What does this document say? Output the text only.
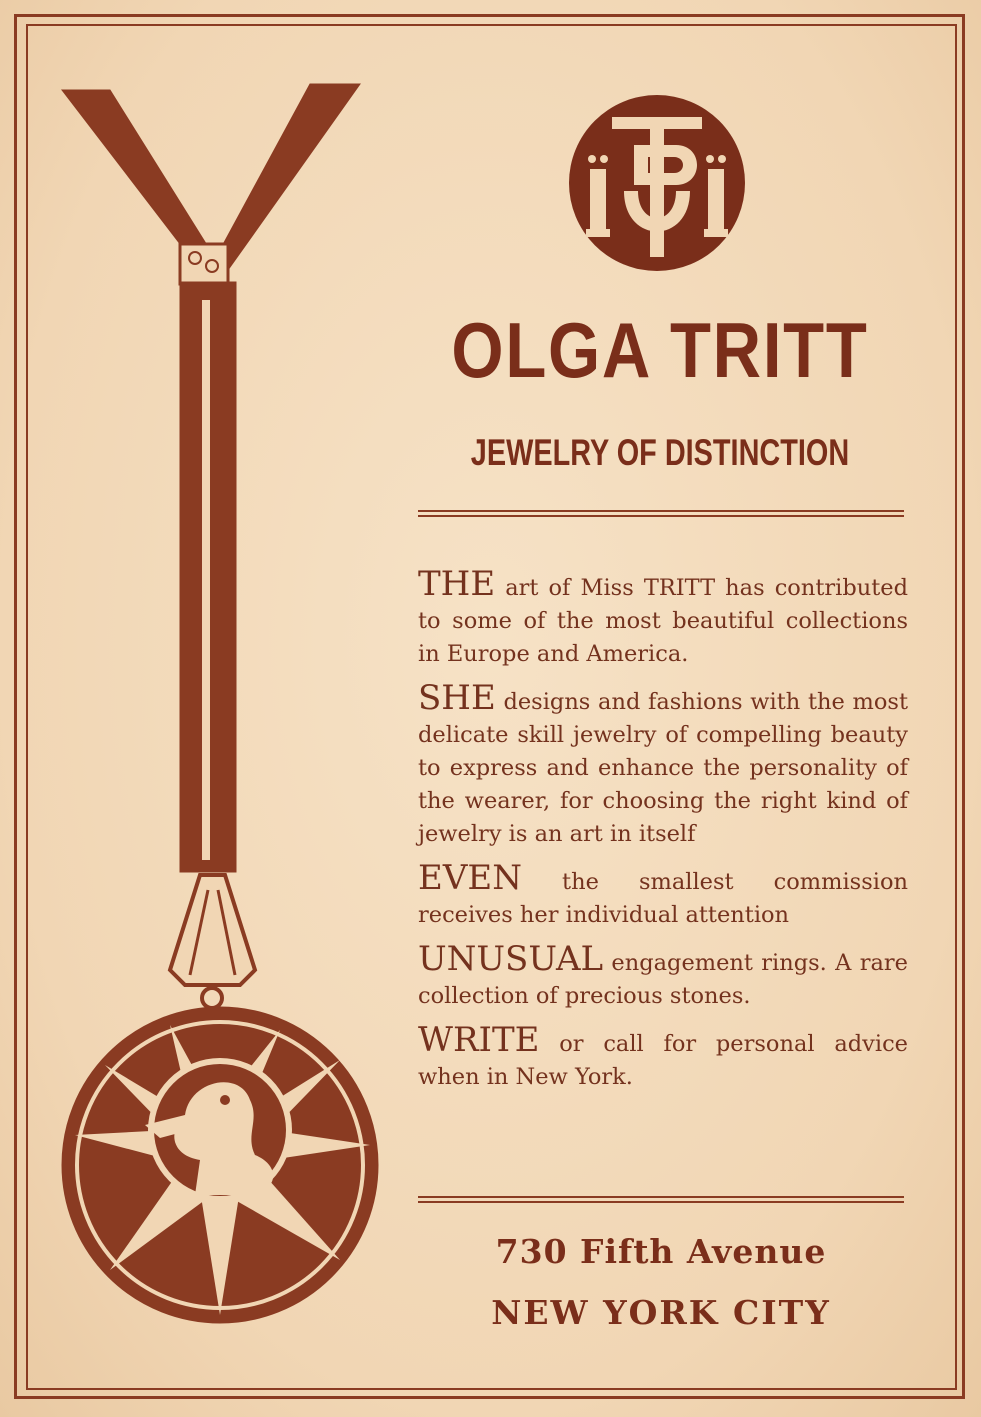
OLGA TRITT
JEWELRY OF DISTINCTION

THE art of Miss TRITT has contributed to some of the most beautiful collections in Europe and America.

SHE designs and fashions with the most delicate skill jewelry of compelling beauty to express and enhance the personality of the wearer, for choosing the right kind of jewelry is an art in itself

EVEN the smallest commission receives her individual attention

UNUSUAL engagement rings. A rare collection of precious stones.

WRITE or call for personal advice when in New York.

730 Fifth Avenue
NEW YORK CITY
